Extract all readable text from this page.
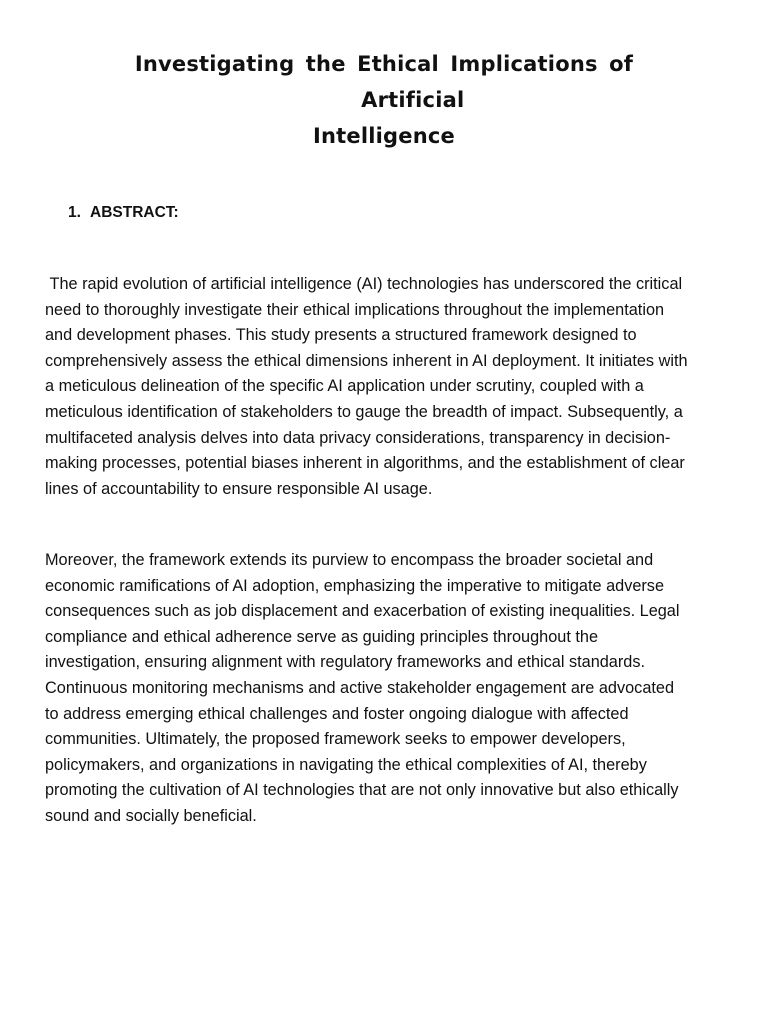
Investigating the Ethical Implications of      Artificial
Intelligence
1. ABSTRACT:

The rapid evolution of artificial intelligence (AI) technologies has underscored the critical
need to thoroughly investigate their ethical implications throughout the implementation
and development phases. This study presents a structured framework designed to
comprehensively assess the ethical dimensions inherent in AI deployment. It initiates with
a meticulous delineation of the specific AI application under scrutiny, coupled with a
meticulous identification of stakeholders to gauge the breadth of impact. Subsequently, a
multifaceted analysis delves into data privacy considerations, transparency in decision-
making processes, potential biases inherent in algorithms, and the establishment of clear
lines of accountability to ensure responsible AI usage.

Moreover, the framework extends its purview to encompass the broader societal and
economic ramifications of AI adoption, emphasizing the imperative to mitigate adverse
consequences such as job displacement and exacerbation of existing inequalities. Legal
compliance and ethical adherence serve as guiding principles throughout the
investigation, ensuring alignment with regulatory frameworks and ethical standards.
Continuous monitoring mechanisms and active stakeholder engagement are advocated
to address emerging ethical challenges and foster ongoing dialogue with affected
communities. Ultimately, the proposed framework seeks to empower developers,
policymakers, and organizations in navigating the ethical complexities of AI, thereby
promoting the cultivation of AI technologies that are not only innovative but also ethically
sound and socially beneficial.
